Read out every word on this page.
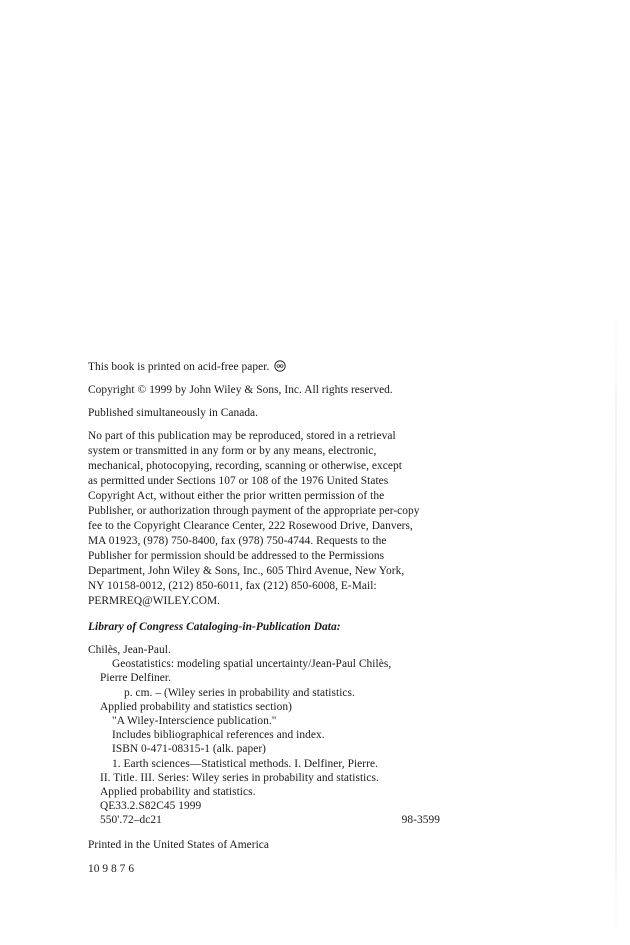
This book is printed on acid-free paper.
Copyright © 1999 by John Wiley & Sons, Inc. All rights reserved.
Published simultaneously in Canada.
No part of this publication may be reproduced, stored in a retrieval
system or transmitted in any form or by any means, electronic,
mechanical, photocopying, recording, scanning or otherwise, except
as permitted under Sections 107 or 108 of the 1976 United States
Copyright Act, without either the prior written permission of the
Publisher, or authorization through payment of the appropriate per-copy
fee to the Copyright Clearance Center, 222 Rosewood Drive, Danvers,
MA 01923, (978) 750-8400, fax (978) 750-4744. Requests to the
Publisher for permission should be addressed to the Permissions
Department, John Wiley & Sons, Inc., 605 Third Avenue, New York,
NY 10158-0012, (212) 850-6011, fax (212) 850-6008, E-Mail:
PERMREQ@WILEY.COM.
Library of Congress Cataloging-in-Publication Data:
Chilès, Jean-Paul.
Geostatistics: modeling spatial uncertainty/Jean-Paul Chilès,
Pierre Delfiner.
p. cm. – (Wiley series in probability and statistics.
Applied probability and statistics section)
"A Wiley-Interscience publication."
Includes bibliographical references and index.
ISBN 0-471-08315-1 (alk. paper)
1. Earth sciences—Statistical methods. I. Delfiner, Pierre.
II. Title. III. Series: Wiley series in probability and statistics.
Applied probability and statistics.
QE33.2.S82C45 1999
550'.72–dc21	98-3599
Printed in the United States of America
10 9 8 7 6
